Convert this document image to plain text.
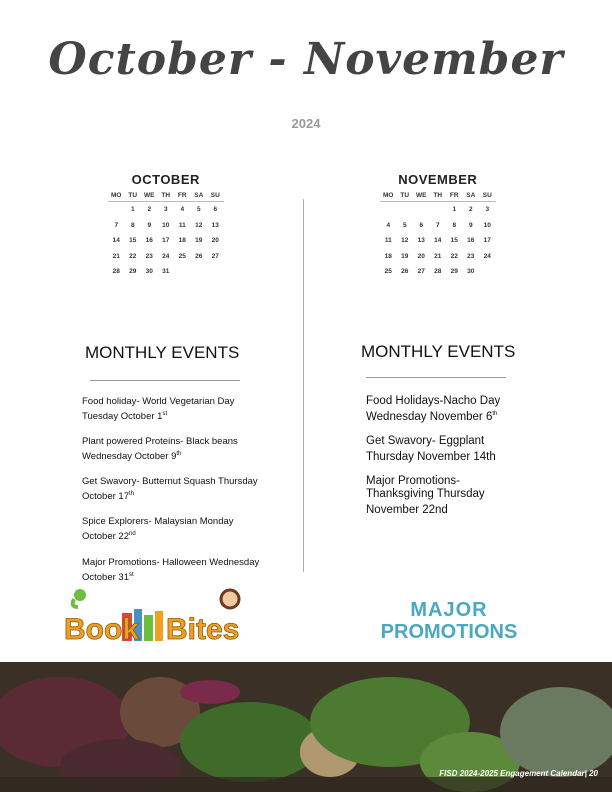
October - November
2024
OCTOBER
MO	TU	WE	TH	FR	SA	SU
	1	2	3	4	5	6
7	8	9	10	11	12	13
14	15	16	17	18	19	20
21	22	23	24	25	26	27
28	29	30	31			
NOVEMBER
MO	TU	WE	TH	FR	SA	SU
				1	2	3
4	5	6	7	8	9	10
11	12	13	14	15	16	17
18	19	20	21	22	23	24
25	26	27	28	29	30	
MONTHLY EVENTS
Food holiday- World Vegetarian Day Tuesday October 1st
Plant powered Proteins- Black beans Wednesday October 9th
Get Swavory- Butternut Squash Thursday October 17th
Spice Explorers- Malaysian Monday October 22nd
Major Promotions- Halloween Wednesday October 31st
MONTHLY EVENTS
Food Holidays-Nacho Day Wednesday November 6th
Get Swavory- Eggplant Thursday November 14th
Major Promotions- Thanksgiving Thursday November 22nd
Book Bites
MAJOR
PROMOTIONS
FISD 2024-2025 Engagement Calendar| 20
